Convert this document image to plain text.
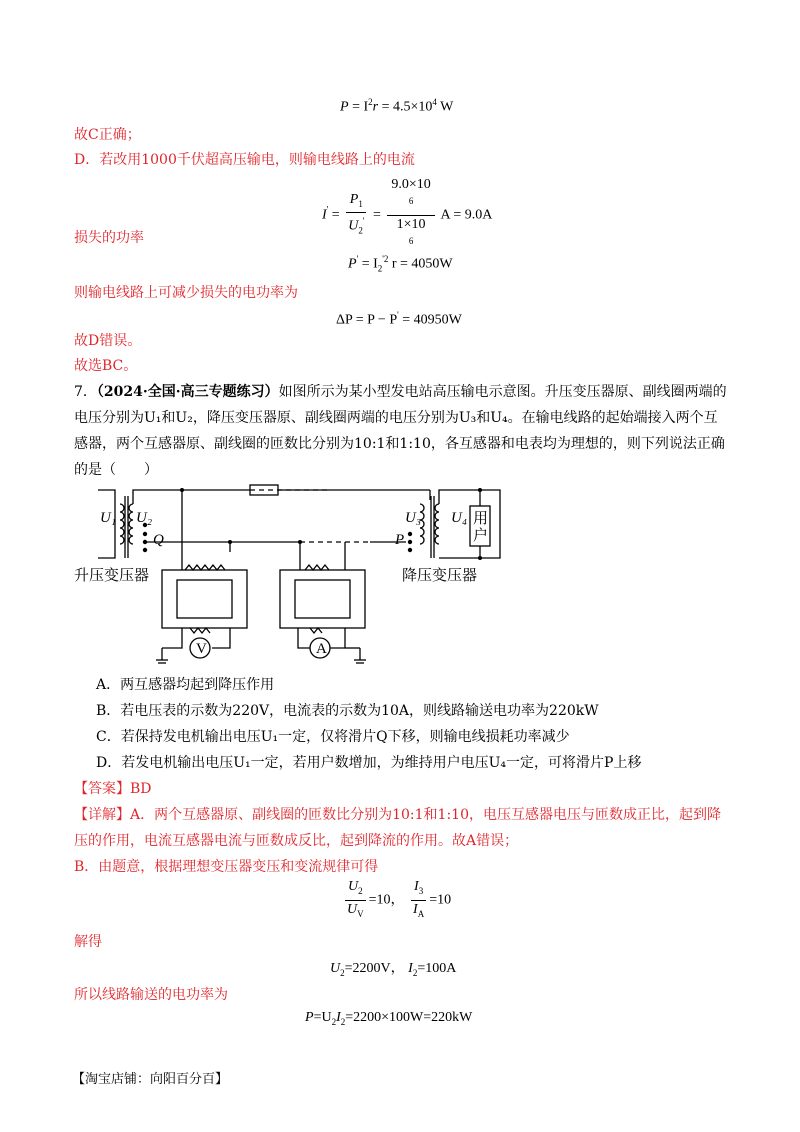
$P = I^2r = 4.5\times 10^4$ W
故C正确；
D．若改用1000千伏超高压输电，则输电线路上的电流
$I' = \frac{P_1}{U_2'} = 9.0\times 10$
$^6$
1×10
$^6$ A = 9.0A
损失的功率
$P' = I_2^{'2}$ r = 4050W
则输电线路上可减少损失的电功率为
ΔP = P − P' = 40950W
故D错误。
故选BC。
7．（2024·全国·高三专题练习）如图所示为某小型发电站高压输电示意图。升压变压器原、副线圈两端的
电压分别为U₁和U₂，降压变压器原、副线圈两端的电压分别为U₃和U₄。在输电线路的起始端接入两个互
感器，两个互感器原、副线圈的匝数比分别为10:1和1:10，各互感器和电表均为理想的，则下列说法正确
的是（　　）
V	A
U₁ U₂
Q
U₃ U₄
P
用
户
升压变压器	降压变压器
A．两互感器均起到降压作用
B．若电压表的示数为220V，电流表的示数为10A，则线路输送电功率为220kW
C．若保持发电机输出电压U₁一定，仅将滑片Q下移，则输电线损耗功率减少
D．若发电机输出电压U₁一定，若用户数增加，为维持用户电压U₄一定，可将滑片P上移
【答案】BD
【详解】A．两个互感器原、副线圈的匝数比分别为10:1和1:10，电压互感器电压与匝数成正比，起到降
压的作用，电流互感器电流与匝数成反比，起到降流的作用。故A错误；
B．由题意，根据理想变压器变压和变流规律可得
$\frac{U_2}{U_V} =10$， $\frac{I_3}{I_A} =10$
解得
$U_2=2200V$， $I_2=100A$
所以线路输送的电功率为
$P=U_2I_2=2200\times 100W=220kW$
【淘宝店铺：向阳百分百】
